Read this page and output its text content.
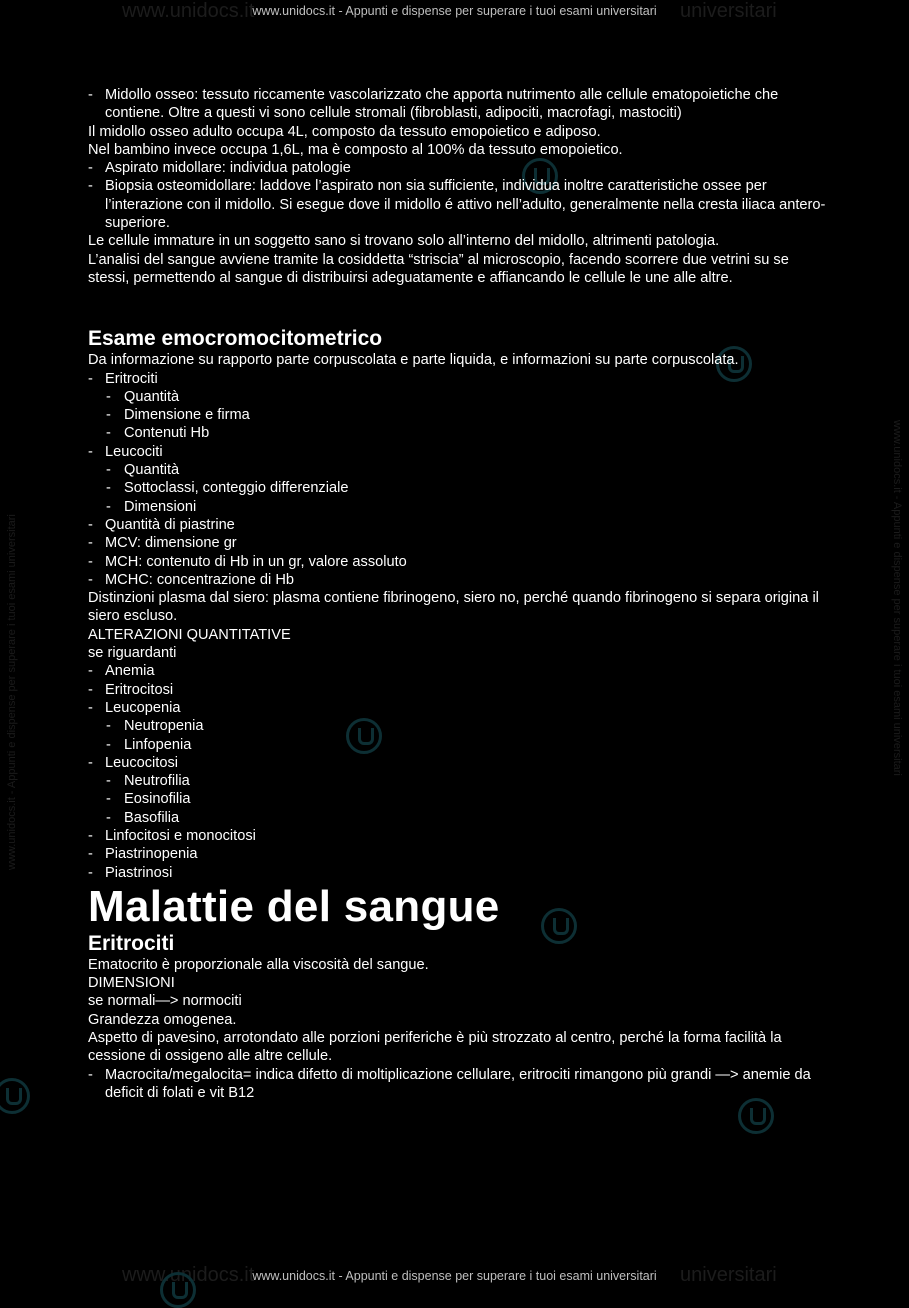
www.unidocs.it	universitari
www.unidocs.it	universitari
www.unidocs.it - Appunti e dispense per superare i tuoi esami universitari	www.unidocs.it - Appunti e dispense per superare i tuoi esami universitari
www.unidocs.it - Appunti e dispense per superare i tuoi esami universitari
www.unidocs.it - Appunti e dispense per superare i tuoi esami universitari
- Midollo osseo: tessuto riccamente vascolarizzato che apporta nutrimento alle cellule ematopoietiche che contiene. Oltre a questi vi sono cellule stromali (fibroblasti, adipociti, macrofagi, mastociti)
Il midollo osseo adulto occupa 4L, composto da tessuto emopoietico e adiposo.
Nel bambino invece occupa 1,6L, ma è composto al 100% da tessuto emopoietico.
- Aspirato midollare: individua patologie
- Biopsia osteomidollare: laddove l’aspirato non sia sufficiente, individua inoltre caratteristiche ossee per l’interazione con il midollo. Si esegue dove il midollo é attivo nell’adulto, generalmente nella cresta iliaca antero-superiore.
Le cellule immature in un soggetto sano si trovano solo all’interno del midollo, altrimenti patologia.
L’analisi del sangue avviene tramite la cosiddetta “striscia” al microscopio, facendo scorrere due vetrini su se stessi, permettendo al sangue di distribuirsi adeguatamente e affiancando le cellule le une alle altre.
Esame emocromocitometrico
Da informazione su rapporto parte corpuscolata e parte liquida, e informazioni su parte corpuscolata.
- Eritrociti
- Quantità
- Dimensione e firma
- Contenuti Hb
- Leucociti
- Quantità
- Sottoclassi, conteggio differenziale
- Dimensioni
- Quantità di piastrine
- MCV: dimensione gr
- MCH: contenuto di Hb in un gr, valore assoluto
- MCHC: concentrazione di Hb
Distinzioni plasma dal siero: plasma contiene fibrinogeno, siero no, perché quando fibrinogeno si separa origina il siero escluso.
ALTERAZIONI QUANTITATIVE
se riguardanti
- Anemia
- Eritrocitosi
- Leucopenia
- Neutropenia
- Linfopenia
- Leucocitosi
- Neutrofilia
- Eosinofilia
- Basofilia
- Linfocitosi e monocitosi
- Piastrinopenia
- Piastrinosi
Malattie del sangue
Eritrociti
Ematocrito è proporzionale alla viscosità del sangue.
DIMENSIONI
se normali—> normociti
Grandezza omogenea.
Aspetto di pavesino, arrotondato alle porzioni periferiche è più strozzato al centro, perché la forma facilità la cessione di ossigeno alle altre cellule.
- Macrocita/megalocita= indica difetto di moltiplicazione cellulare, eritrociti rimangono più grandi —> anemie da deficit di folati e vit B12
